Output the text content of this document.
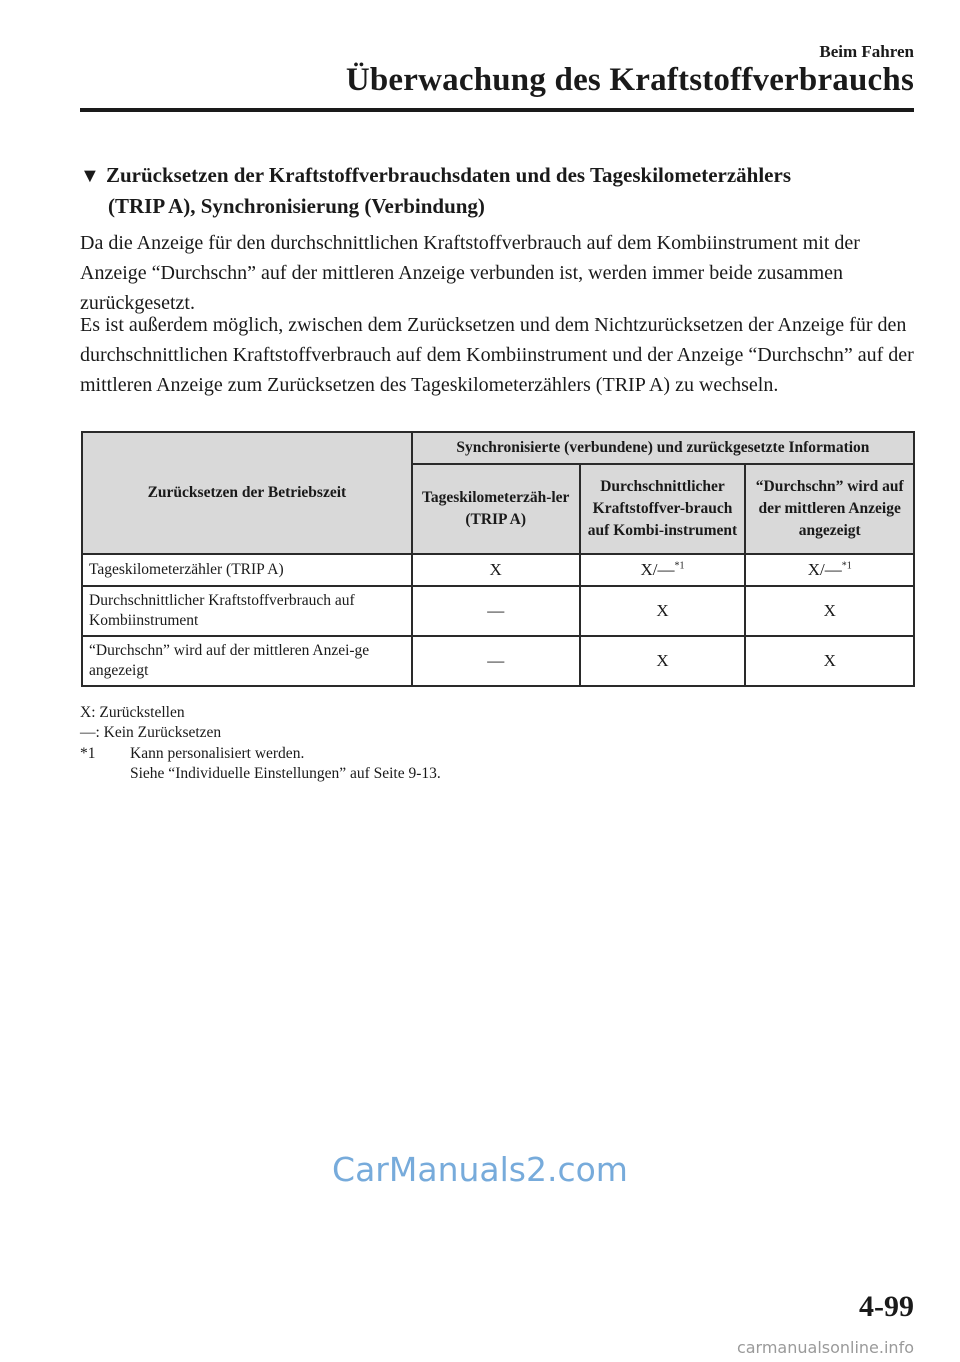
Beim Fahren
Überwachung des Kraftstoffverbrauchs
▼ Zurücksetzen der Kraftstoffverbrauchsdaten und des Tageskilometerzählers
(TRIP A), Synchronisierung (Verbindung)
Da die Anzeige für den durchschnittlichen Kraftstoffverbrauch auf dem Kombiinstrument mit der Anzeige “Durchschn” auf der mittleren Anzeige verbunden ist, werden immer beide zusammen zurückgesetzt.
Es ist außerdem möglich, zwischen dem Zurücksetzen und dem Nichtzurücksetzen der Anzeige für den durchschnittlichen Kraftstoffverbrauch auf dem Kombiinstrument und der Anzeige “Durchschn” auf der mittleren Anzeige zum Zurücksetzen des Tageskilometerzählers (TRIP A) zu wechseln.
Zurücksetzen der Betriebszeit	Synchronisierte (verbundene) und zurückgesetzte Information		
	Tageskilometerzäh-ler (TRIP A)	Durchschnittlicher Kraftstoffver-brauch auf Kombi-instrument	“Durchschn” wird auf der mittleren Anzeige angezeigt
Tageskilometerzähler (TRIP A)	X	X/—$^{*1}$	X/—$^{*1}$
Durchschnittlicher Kraftstoffverbrauch auf Kombiinstrument	—	X	X
“Durchschn” wird auf der mittleren Anzei-ge angezeigt	—	X	X
X: Zurückstellen
—: Kein Zurücksetzen
*1 Kann personalisiert werden.
Siehe “Individuelle Einstellungen” auf Seite 9-13.
CarManuals2.com
4-99
carmanualsonline.info
